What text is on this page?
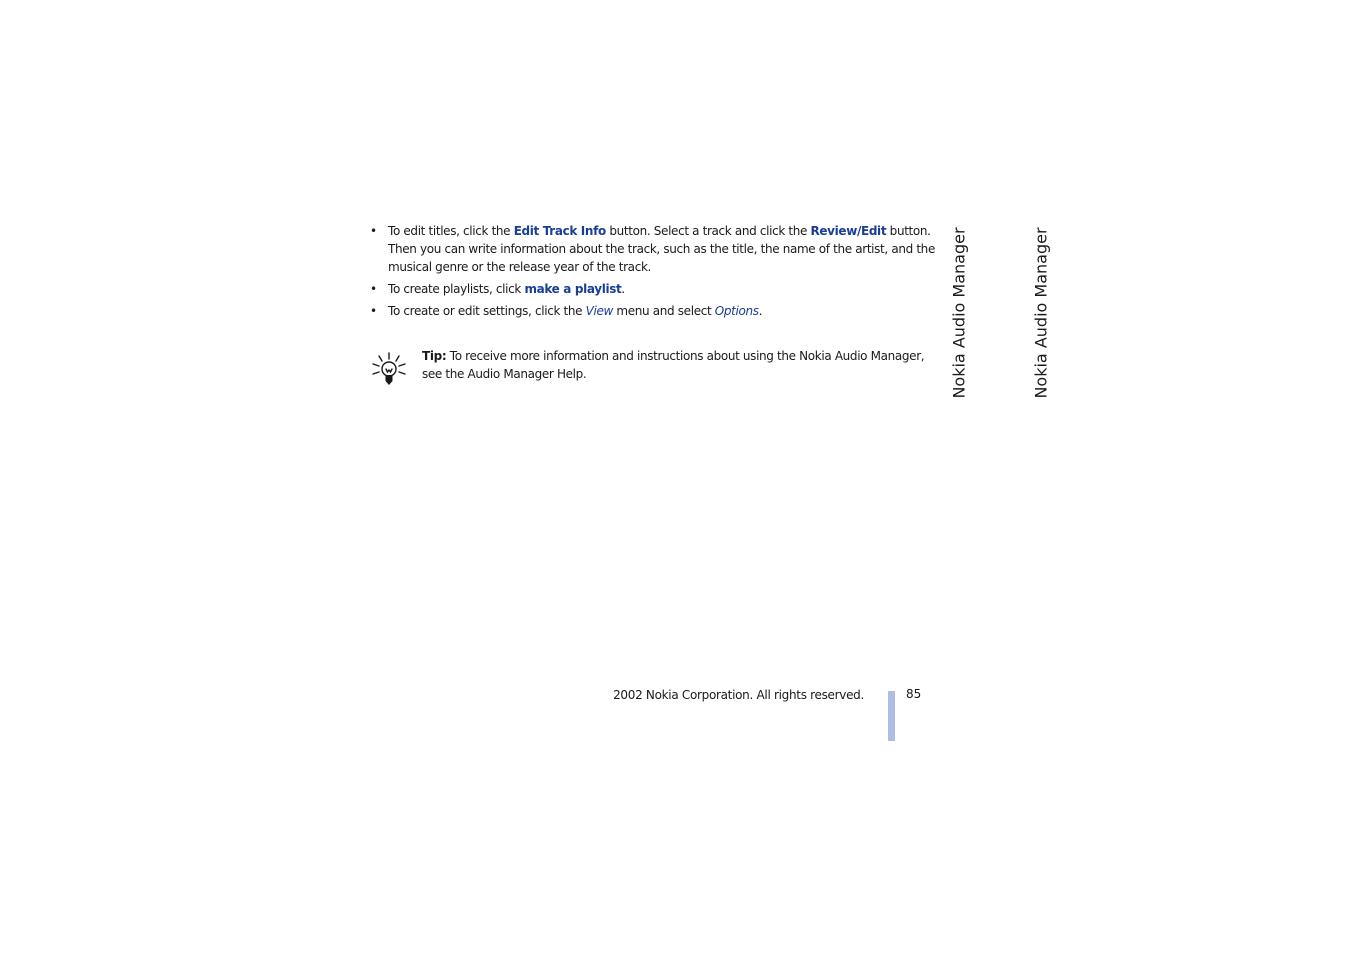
• To edit titles, click the Edit Track Info button. Select a track and click the Review/Edit button. Then you can write information about the track, such as the title, the name of the artist, and the musical genre or the release year of the track.
• To create playlists, click make a playlist.
• To create or edit settings, click the View menu and select Options.
Tip: To receive more information and instructions about using the Nokia Audio Manager, see the Audio Manager Help.	Nokia Audio Manager	Nokia Audio Manager
2002 Nokia Corporation. All rights reserved.	85
